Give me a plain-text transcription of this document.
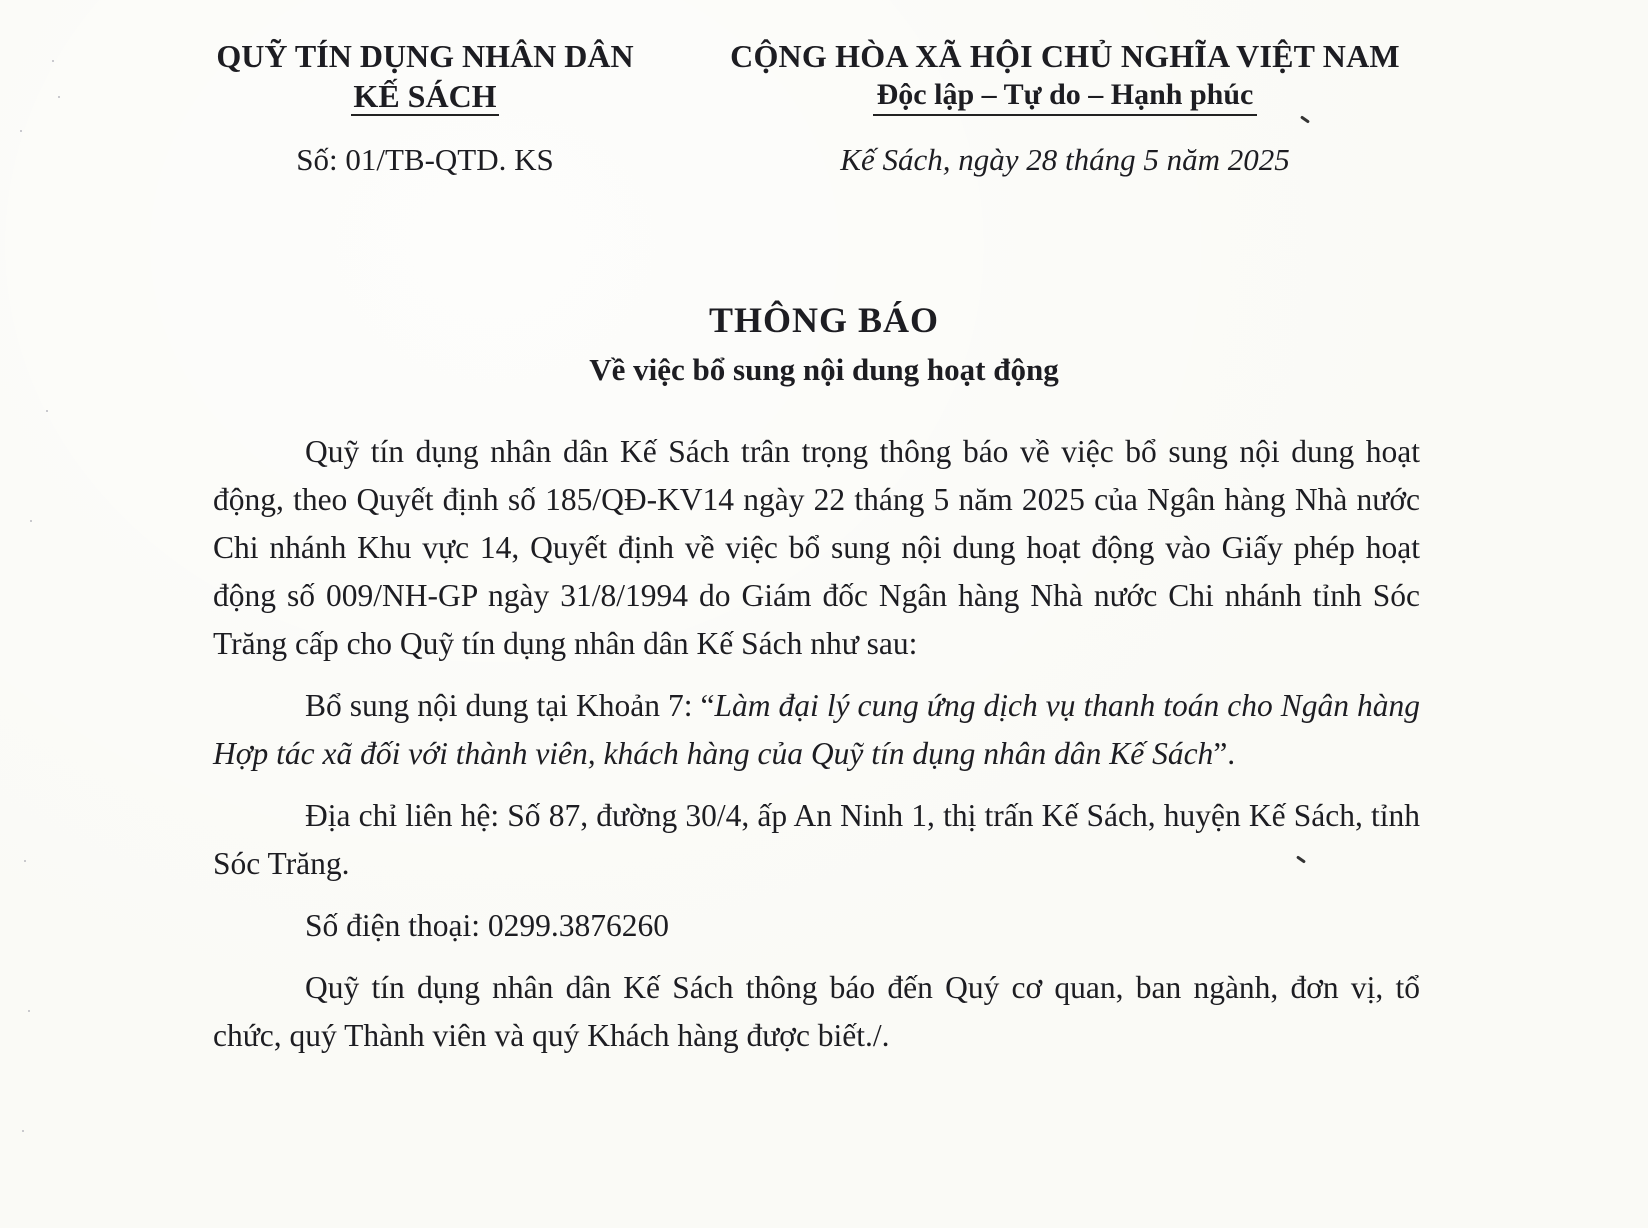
QUỸ TÍN DỤNG NHÂN DÂN
KẾ SÁCH
CỘNG HÒA XÃ HỘI CHỦ NGHĨA VIỆT NAM
Độc lập – Tự do – Hạnh phúc
Số: 01/TB-QTD. KS	Kế Sách, ngày 28 tháng 5 năm 2025
THÔNG BÁO
Về việc bổ sung nội dung hoạt động

Quỹ tín dụng nhân dân Kế Sách trân trọng thông báo về việc bổ sung nội dung hoạt động, theo Quyết định số 185/QĐ-KV14 ngày 22 tháng 5 năm 2025 của Ngân hàng Nhà nước Chi nhánh Khu vực 14, Quyết định về việc bổ sung nội dung hoạt động vào Giấy phép hoạt động số 009/NH-GP ngày 31/8/1994 do Giám đốc Ngân hàng Nhà nước Chi nhánh tỉnh Sóc Trăng cấp cho Quỹ tín dụng nhân dân Kế Sách như sau:

Bổ sung nội dung tại Khoản 7: “Làm đại lý cung ứng dịch vụ thanh toán cho Ngân hàng Hợp tác xã đối với thành viên, khách hàng của Quỹ tín dụng nhân dân Kế Sách”.

Địa chỉ liên hệ: Số 87, đường 30/4, ấp An Ninh 1, thị trấn Kế Sách, huyện Kế Sách, tỉnh Sóc Trăng.

Số điện thoại: 0299.3876260

Quỹ tín dụng nhân dân Kế Sách thông báo đến Quý cơ quan, ban ngành, đơn vị, tổ chức, quý Thành viên và quý Khách hàng được biết./.
